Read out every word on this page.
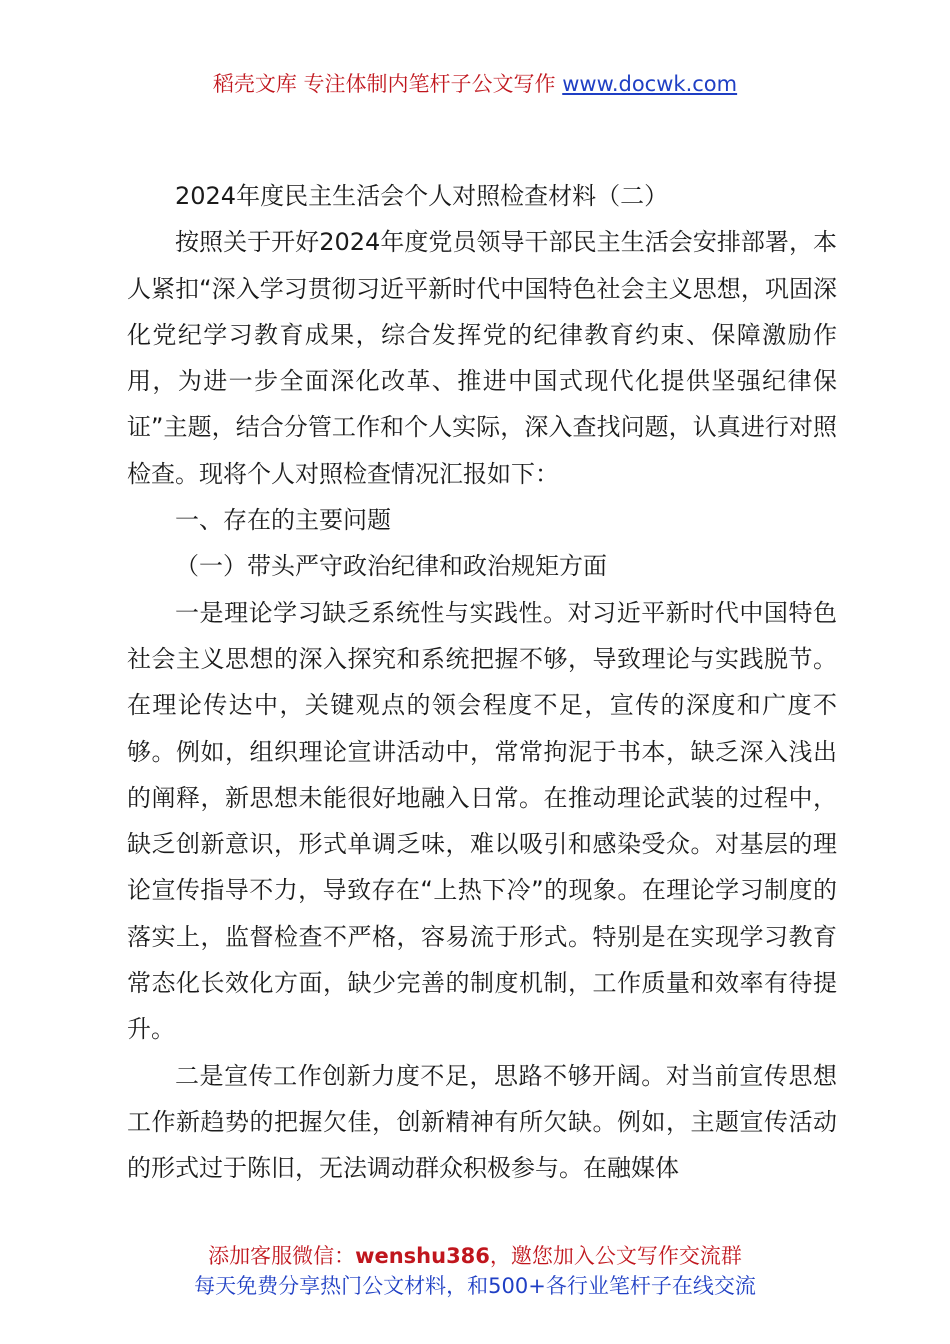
稻壳文库 专注体制内笔杆子公文写作 www.docwk.com

2024年度民主生活会个人对照检查材料（二）

按照关于开好2024年度党员领导干部民主生活会安排部署，本人紧扣“深入学习贯彻习近平新时代中国特色社会主义思想，巩固深化党纪学习教育成果，综合发挥党的纪律教育约束、保障激励作用，为进一步全面深化改革、推进中国式现代化提供坚强纪律保证”主题，结合分管工作和个人实际，深入查找问题，认真进行对照检查。现将个人对照检查情况汇报如下：

一、存在的主要问题

（一）带头严守政治纪律和政治规矩方面

一是理论学习缺乏系统性与实践性。对习近平新时代中国特色社会主义思想的深入探究和系统把握不够，导致理论与实践脱节。在理论传达中，关键观点的领会程度不足，宣传的深度和广度不够。例如，组织理论宣讲活动中，常常拘泥于书本，缺乏深入浅出的阐释，新思想未能很好地融入日常。在推动理论武装的过程中，缺乏创新意识，形式单调乏味，难以吸引和感染受众。对基层的理论宣传指导不力，导致存在“上热下冷”的现象。在理论学习制度的落实上，监督检查不严格，容易流于形式。特别是在实现学习教育常态化长效化方面，缺少完善的制度机制，工作质量和效率有待提升。

二是宣传工作创新力度不足，思路不够开阔。对当前宣传思想工作新趋势的把握欠佳，创新精神有所欠缺。例如，主题宣传活动的形式过于陈旧，无法调动群众积极参与。在融媒体

添加客服微信：wenshu386，邀您加入公文写作交流群
每天免费分享热门公文材料，和500+各行业笔杆子在线交流
